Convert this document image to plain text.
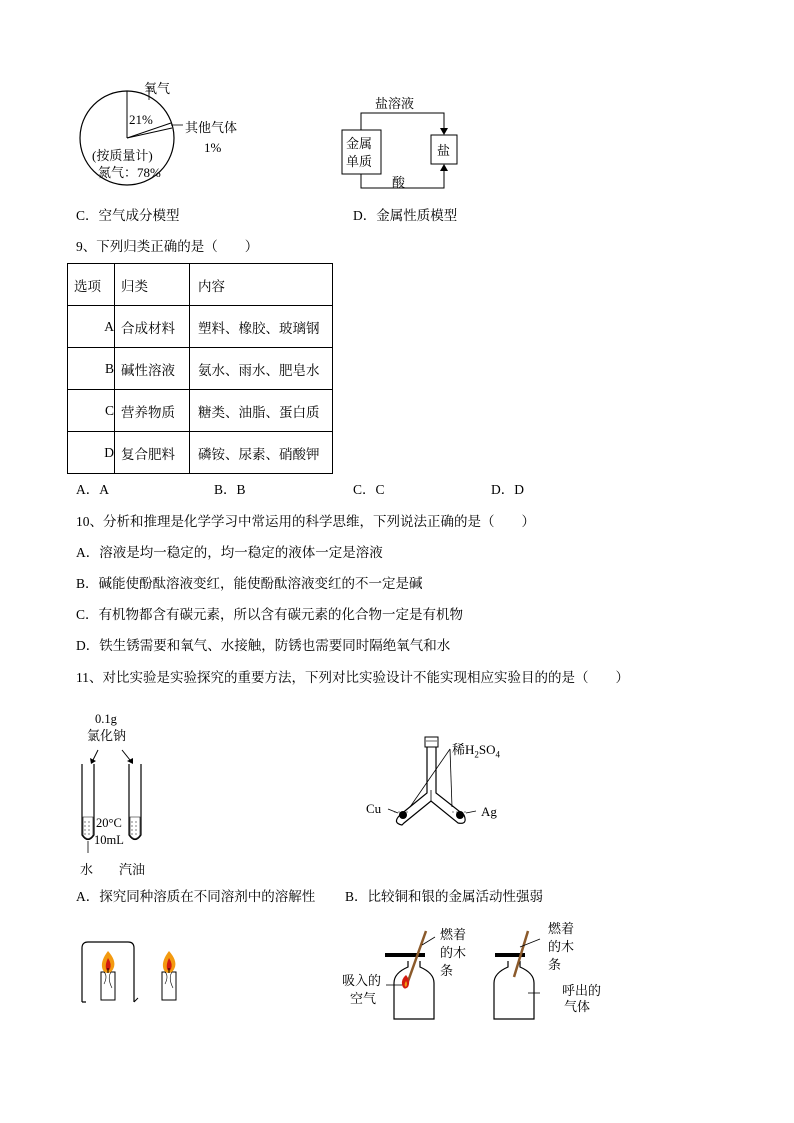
氧气
21%
其他气体
1%
(按质量计)
氮气：78%
C．空气成分模型
盐溶液
金属
单质
盐
酸
D．金属性质模型
9、下列归类正确的是（　　）
选项	归类	内容
A	合成材料	塑料、橡胶、玻璃钢
B	碱性溶液	氨水、雨水、肥皂水
C	营养物质	糖类、油脂、蛋白质
D	复合肥料	磷铵、尿素、硝酸钾
A．A	B．B	C．C	D．D
10、分析和推理是化学学习中常运用的科学思维，下列说法正确的是（　　）
A．溶液是均一稳定的，均一稳定的液体一定是溶液
B．碱能使酚酞溶液变红，能使酚酞溶液变红的不一定是碱
C．有机物都含有碳元素，所以含有碳元素的化合物一定是有机物
D．铁生锈需要和氧气、水接触，防锈也需要同时隔绝氧气和水
11、对比实验是实验探究的重要方法，下列对比实验设计不能实现相应实验目的的是（　　）
0.1g
氯化钠
20°C
10mL
水 汽油
A．探究同种溶质在不同溶剂中的溶解性
稀$H_2SO_4$
Cu	Ag
B．比较铜和银的金属活动性强弱
燃着
的木
条
吸入的
空气
燃着
的木
条
呼出的
气体
